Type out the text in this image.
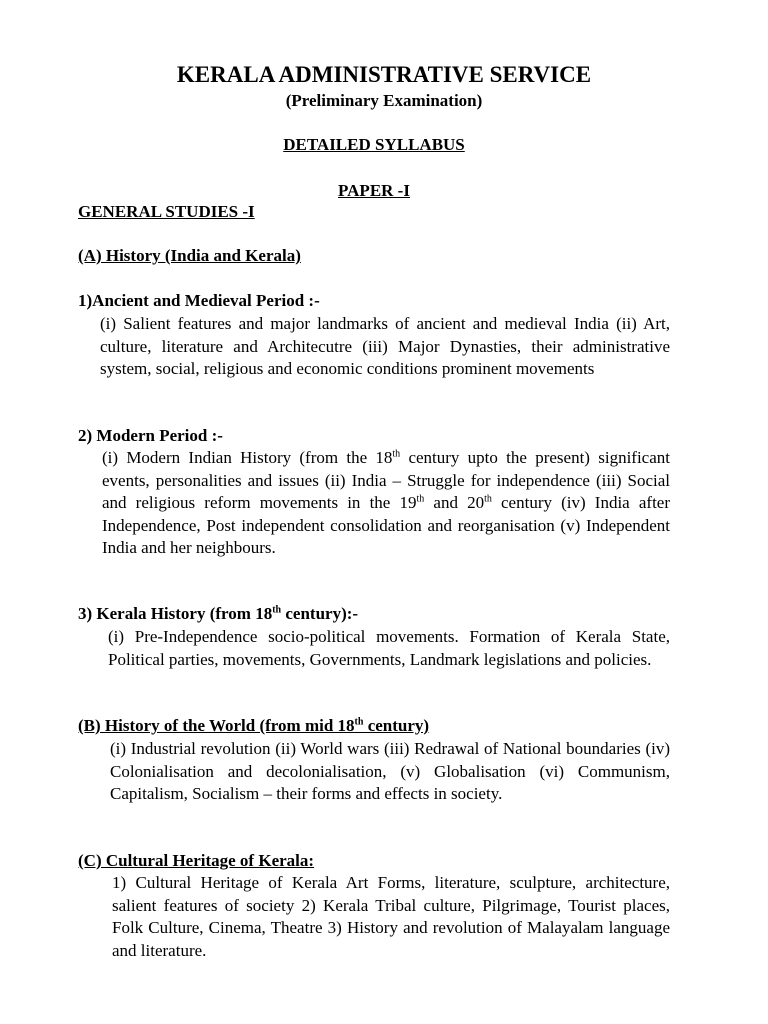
KERALA ADMINISTRATIVE SERVICE
(Preliminary Examination)
DETAILED SYLLABUS
PAPER -I
GENERAL STUDIES -I
(A) History (India and Kerala)
1)Ancient and Medieval Period :-
(i) Salient features and major landmarks of ancient and medieval India (ii) Art, culture, literature and Architecutre (iii) Major Dynasties, their administrative system, social, religious and economic conditions prominent movements
2) Modern Period :-
(i) Modern Indian History (from the 18th century upto the present) significant events, personalities and issues (ii) India – Struggle for independence (iii) Social and religious reform movements in the 19th and 20th century (iv) India after Independence, Post independent consolidation and reorganisation (v) Independent India and her neighbours.
3) Kerala History (from 18th century):-
(i) Pre-Independence socio-political movements. Formation of Kerala State, Political parties, movements, Governments, Landmark legislations and policies.
(B) History of the World (from mid 18th century)
(i) Industrial revolution (ii) World wars (iii) Redrawal of National boundaries (iv) Colonialisation and decolonialisation, (v) Globalisation (vi) Communism, Capitalism, Socialism – their forms and effects in society.
(C) Cultural Heritage of Kerala:
1) Cultural Heritage of Kerala Art Forms, literature, sculpture, architecture, salient features of society 2) Kerala Tribal culture, Pilgrimage, Tourist places, Folk Culture, Cinema, Theatre 3) History and revolution of Malayalam language and literature.
